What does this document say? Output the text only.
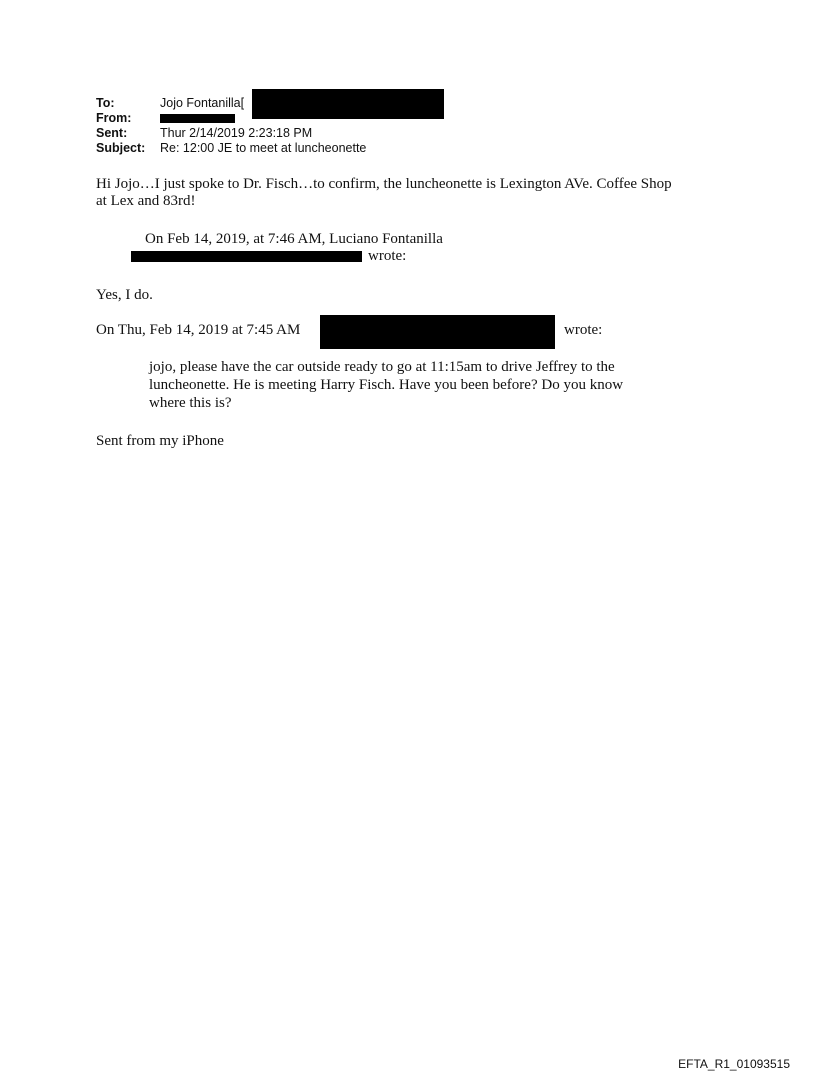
To:	Jojo Fontanilla[
From:
Sent:	Thur 2/14/2019 2:23:18 PM
Subject: Re: 12:00 JE to meet at luncheonette
Hi Jojo…I just spoke to Dr. Fisch…to confirm, the luncheonette is Lexington AVe. Coffee Shop
at Lex and 83rd!
On Feb 14, 2019, at 7:46 AM, Luciano Fontanilla
wrote:
Yes, I do.
On Thu, Feb 14, 2019 at 7:45 AM	wrote:
jojo, please have the car outside ready to go at 11:15am to drive Jeffrey to the
luncheonette. He is meeting Harry Fisch. Have you been before? Do you know
where this is?
Sent from my iPhone
EFTA_R1_01093515
